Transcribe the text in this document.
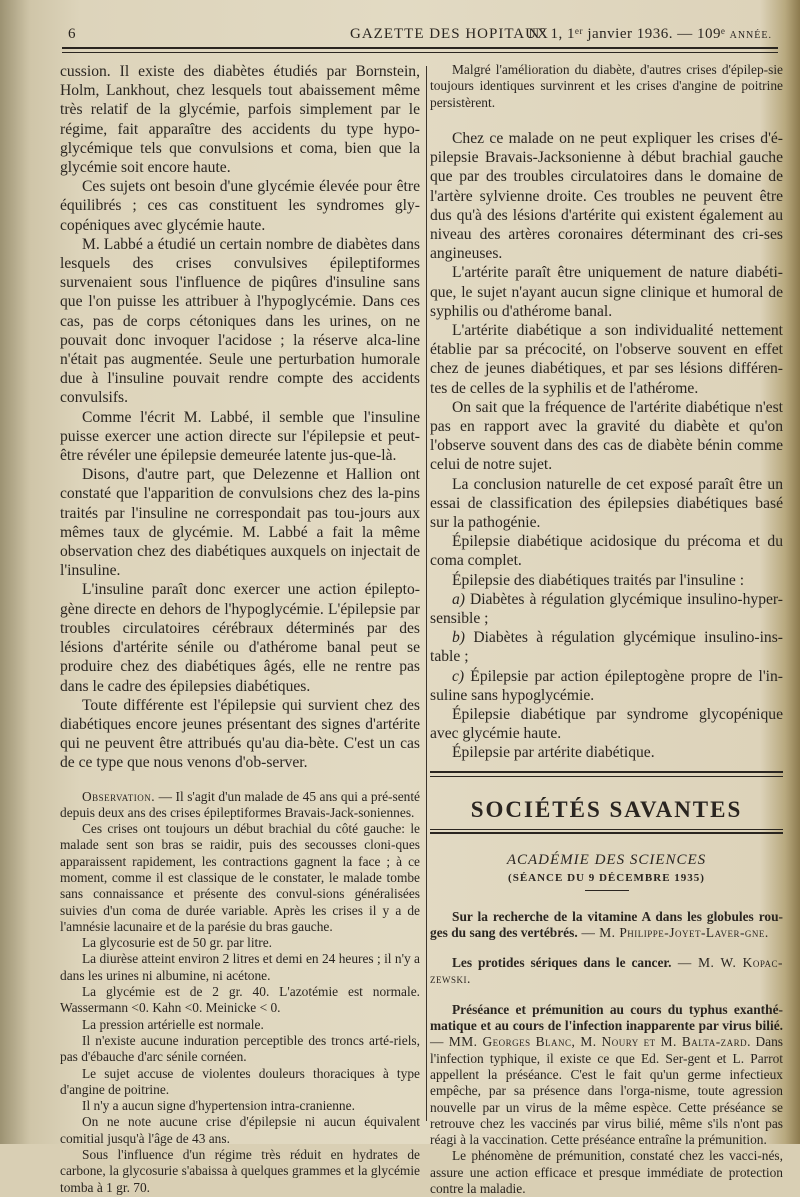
6	GAZETTE DES HOPITAUX
N° 1, 1ᵉʳ janvier 1936. — 109ᵉ ANNÉE.

cussion. Il existe des diabètes étudiés par Bornstein, Holm, Lankhout, chez lesquels tout abaissement même très relatif de la glycémie, parfois simplement par le régime, fait apparaître des accidents du type hypo-glycémique tels que convulsions et coma, bien que la glycémie soit encore haute.

Ces sujets ont besoin d'une glycémie élevée pour être équilibrés ; ces cas constituent les syndromes gly-copéniques avec glycémie haute.

M. Labbé a étudié un certain nombre de diabètes dans lesquels des crises convulsives épileptiformes survenaient sous l'influence de piqûres d'insuline sans que l'on puisse les attribuer à l'hypoglycémie. Dans ces cas, pas de corps cétoniques dans les urines, on ne pouvait donc invoquer l'acidose ; la réserve alca-line n'était pas augmentée. Seule une perturbation humorale due à l'insuline pouvait rendre compte des accidents convulsifs.

Comme l'écrit M. Labbé, il semble que l'insuline puisse exercer une action directe sur l'épilepsie et peut-être révéler une épilepsie demeurée latente jus-que-là.

Disons, d'autre part, que Delezenne et Hallion ont constaté que l'apparition de convulsions chez des la-pins traités par l'insuline ne correspondait pas tou-jours aux mêmes taux de glycémie. M. Labbé a fait la même observation chez des diabétiques auxquels on injectait de l'insuline.

L'insuline paraît donc exercer une action épilepto-gène directe en dehors de l'hypoglycémie. L'épilepsie par troubles circulatoires cérébraux déterminés par des lésions d'artérite sénile ou d'athérome banal peut se produire chez des diabétiques âgés, elle ne rentre pas dans le cadre des épilepsies diabétiques.

Toute différente est l'épilepsie qui survient chez des diabétiques encore jeunes présentant des signes d'artérite qui ne peuvent être attribués qu'au dia-bète. C'est un cas de ce type que nous venons d'ob-server.

Observation. — Il s'agit d'un malade de 45 ans qui a pré-senté depuis deux ans des crises épileptiformes Bravais-Jack-soniennes.

Ces crises ont toujours un début brachial du côté gauche: le malade sent son bras se raidir, puis des secousses cloni-ques apparaissent rapidement, les contractions gagnent la face ; à ce moment, comme il est classique de le constater, le malade tombe sans connaissance et présente des convul-sions généralisées suivies d'un coma de durée variable. Après les crises il y a de l'amnésie lacunaire et de la parésie du bras gauche.

La glycosurie est de 50 gr. par litre.

La diurèse atteint environ 2 litres et demi en 24 heures ; il n'y a dans les urines ni albumine, ni acétone.

La glycémie est de 2 gr. 40. L'azotémie est normale. Wassermann <0. Kahn <0. Meinicke < 0.

La pression artérielle est normale.

Il n'existe aucune induration perceptible des troncs arté-riels, pas d'ébauche d'arc sénile cornéen.

Le sujet accuse de violentes douleurs thoraciques à type d'angine de poitrine.

Il n'y a aucun signe d'hypertension intra-cranienne.

On ne note aucune crise d'épilepsie ni aucun équivalent comitial jusqu'à l'âge de 43 ans.

Sous l'influence d'un régime très réduit en hydrates de carbone, la glycosurie s'abaissa à quelques grammes et la glycémie tomba à 1 gr. 70.

Malgré l'amélioration du diabète, d'autres crises d'épilep-sie toujours identiques survinrent et les crises d'angine de poitrine persistèrent.

Chez ce malade on ne peut expliquer les crises d'é-pilepsie Bravais-Jacksonienne à début brachial gauche que par des troubles circulatoires dans le domaine de l'artère sylvienne droite. Ces troubles ne peuvent être dus qu'à des lésions d'artérite qui existent également au niveau des artères coronaires déterminant des cri-ses angineuses.

L'artérite paraît être uniquement de nature diabéti-que, le sujet n'ayant aucun signe clinique et humoral de syphilis ou d'athérome banal.

L'artérite diabétique a son individualité nettement établie par sa précocité, on l'observe souvent en effet chez de jeunes diabétiques, et par ses lésions différen-tes de celles de la syphilis et de l'athérome.

On sait que la fréquence de l'artérite diabétique n'est pas en rapport avec la gravité du diabète et qu'on l'observe souvent dans des cas de diabète bénin comme celui de notre sujet.

La conclusion naturelle de cet exposé paraît être un essai de classification des épilepsies diabétiques basé sur la pathogénie.

Épilepsie diabétique acidosique du précoma et du coma complet.

Épilepsie des diabétiques traités par l'insuline :

a) Diabètes à régulation glycémique insulino-hyper-sensible ;

b) Diabètes à régulation glycémique insulino-ins-table ;

c) Épilepsie par action épileptogène propre de l'in-suline sans hypoglycémie.

Épilepsie diabétique par syndrome glycopénique avec glycémie haute.

Épilepsie par artérite diabétique.

SOCIÉTÉS SAVANTES
ACADÉMIE DES SCIENCES
(SÉANCE DU 9 DÉCEMBRE 1935)

Sur la recherche de la vitamine A dans les globules rou-ges du sang des vertébrés. — M. Philippe-Joyet-Laver-gne.

Les protides sériques dans le cancer. — M. W. Kopac-zewski.

Préséance et prémunition au cours du typhus exanthé-matique et au cours de l'infection inapparente par virus bilié. — MM. Georges Blanc, M. Noury et M. Balta-zard. Dans l'infection typhique, il existe ce que Ed. Ser-gent et L. Parrot appellent la préséance. C'est le fait qu'un germe infectieux empêche, par sa présence dans l'orga-nisme, toute agression nouvelle par un virus de la même espèce. Cette préséance se retrouve chez les vaccinés par virus bilié, même s'ils n'ont pas réagi à la vaccination. Cette préséance entraîne la prémunition.

Le phénomène de prémunition, constaté chez les vacci-nés, assure une action efficace et presque immédiate de protection contre la maladie.
